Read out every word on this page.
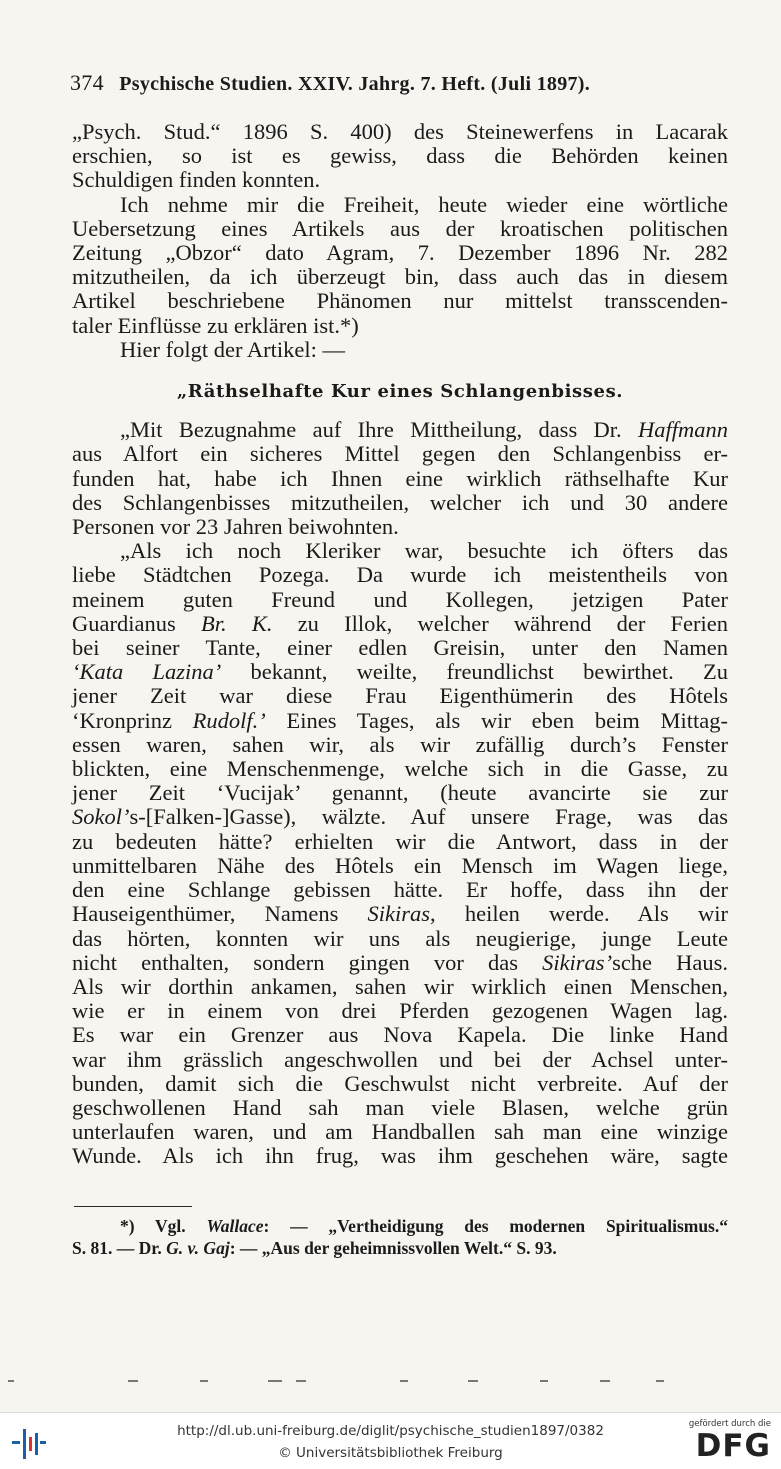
374 Psychische Studien. XXIV. Jahrg. 7. Heft. (Juli 1897).

„Psych. Stud.“ 1896 S. 400) des Steinewerfens in Lacarak

erschien, so ist es gewiss, dass die Behörden keinen

Schuldigen finden konnten.

Ich nehme mir die Freiheit, heute wieder eine wörtliche

Uebersetzung eines Artikels aus der kroatischen politischen

Zeitung „Obzor“ dato Agram, 7. Dezember 1896 Nr. 282

mitzutheilen, da ich überzeugt bin, dass auch das in diesem

Artikel beschriebene Phänomen nur mittelst transscenden-

taler Einflüsse zu erklären ist.*)

Hier folgt der Artikel: —

„Räthselhafte Kur eines Schlangenbisses.

„Mit Bezugnahme auf Ihre Mittheilung, dass Dr. Haffmann

aus Alfort ein sicheres Mittel gegen den Schlangenbiss er-

funden hat, habe ich Ihnen eine wirklich räthselhafte Kur

des Schlangenbisses mitzutheilen, welcher ich und 30 andere

Personen vor 23 Jahren beiwohnten.

„Als ich noch Kleriker war, besuchte ich öfters das

liebe Städtchen Pozega. Da wurde ich meistentheils von

meinem guten Freund und Kollegen, jetzigen Pater

Guardianus Br. K. zu Illok, welcher während der Ferien

bei seiner Tante, einer edlen Greisin, unter den Namen

‘Kata Lazina’ bekannt, weilte, freundlichst bewirthet. Zu

jener Zeit war diese Frau Eigenthümerin des Hôtels

‘Kronprinz Rudolf.’ Eines Tages, als wir eben beim Mittag-

essen waren, sahen wir, als wir zufällig durch’s Fenster

blickten, eine Menschenmenge, welche sich in die Gasse, zu

jener Zeit ‘Vucijak’ genannt, (heute avancirte sie zur

Sokol’s-[Falken-]Gasse), wälzte. Auf unsere Frage, was das

zu bedeuten hätte? erhielten wir die Antwort, dass in der

unmittelbaren Nähe des Hôtels ein Mensch im Wagen liege,

den eine Schlange gebissen hätte. Er hoffe, dass ihn der

Hauseigenthümer, Namens Sikiras, heilen werde. Als wir

das hörten, konnten wir uns als neugierige, junge Leute

nicht enthalten, sondern gingen vor das Sikiras’sche Haus.

Als wir dorthin ankamen, sahen wir wirklich einen Menschen,

wie er in einem von drei Pferden gezogenen Wagen lag.

Es war ein Grenzer aus Nova Kapela. Die linke Hand

war ihm grässlich angeschwollen und bei der Achsel unter-

bunden, damit sich die Geschwulst nicht verbreite. Auf der

geschwollenen Hand sah man viele Blasen, welche grün

unterlaufen waren, und am Handballen sah man eine winzige

Wunde. Als ich ihn frug, was ihm geschehen wäre, sagte

*) Vgl. Wallace: — „Vertheidigung des modernen Spiritualismus.“

S. 81. — Dr. G. v. Gaj: — „Aus der geheimnissvollen Welt.“ S. 93.

http://dl.ub.uni-freiburg.de/diglit/psychische_studien1897/0382
© Universitätsbibliothek Freiburg
gefördert durch die
DFG
